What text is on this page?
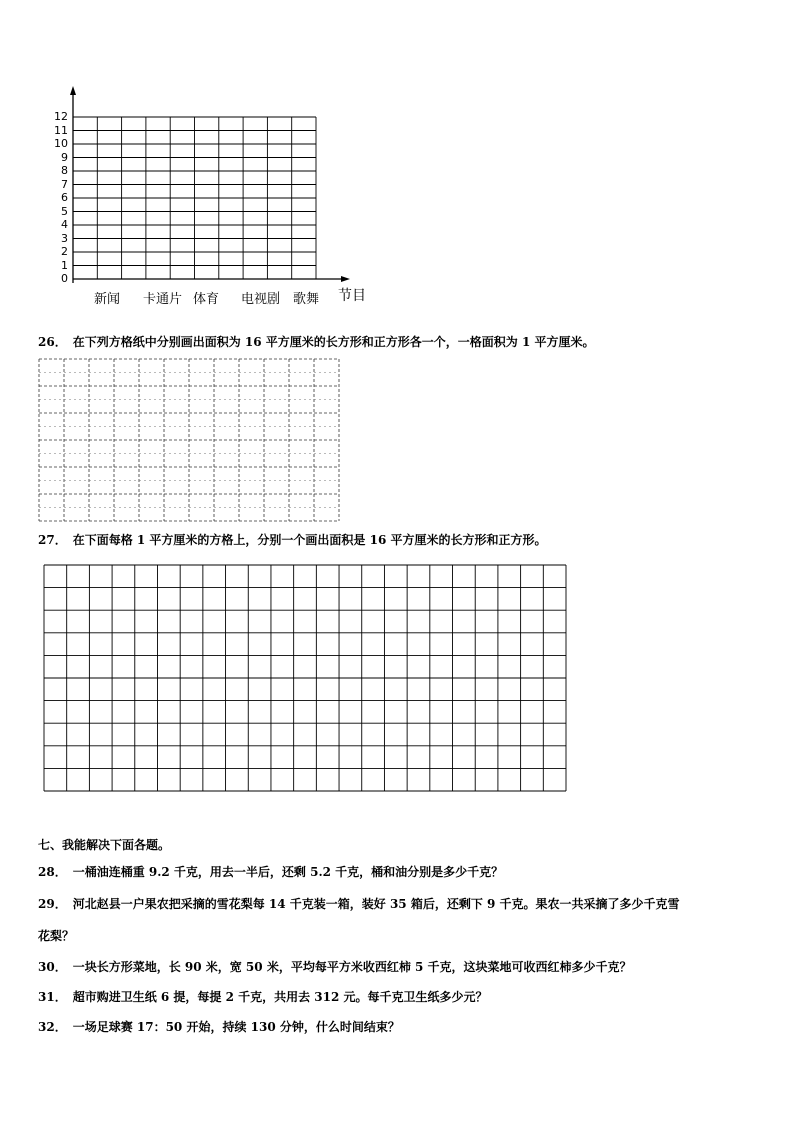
12
11
10
9
8
7
6
5
4
3
2
1
0
新闻 卡通片 体育 电视剧 歌舞 节目
26． 在下列方格纸中分别画出面积为 16 平方厘米的长方形和正方形各一个，一格面积为 1 平方厘米。
27． 在下面每格 1 平方厘米的方格上，分别一个画出面积是 16 平方厘米的长方形和正方形。
七、我能解决下面各题。
28． 一桶油连桶重 9.2 千克，用去一半后，还剩 5.2 千克，桶和油分别是多少千克？
29． 河北赵县一户果农把采摘的雪花梨每 14 千克装一箱，装好 35 箱后，还剩下 9 千克。果农一共采摘了多少千克雪
花梨？
30． 一块长方形菜地，长 90 米，宽 50 米，平均每平方米收西红柿 5 千克，这块菜地可收西红柿多少千克？
31． 超市购进卫生纸 6 提，每提 2 千克，共用去 312 元。每千克卫生纸多少元？
32． 一场足球赛 17：50 开始，持续 130 分钟，什么时间结束？
